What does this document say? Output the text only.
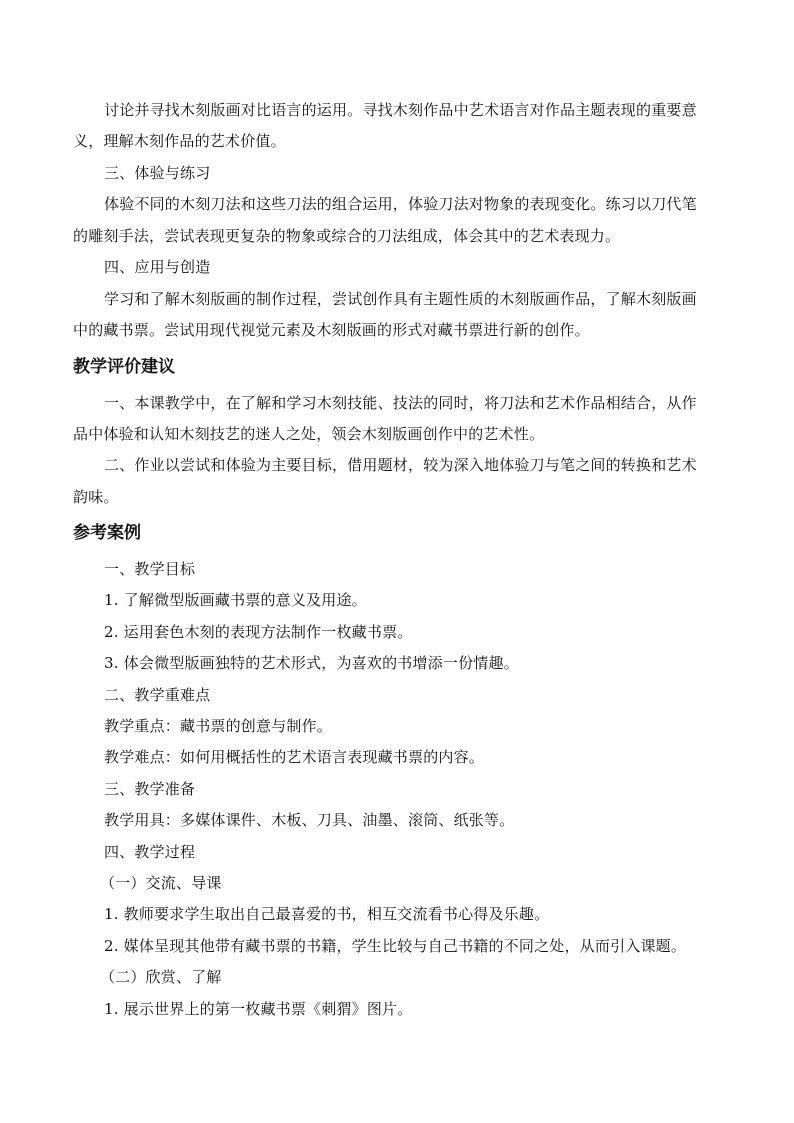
讨论并寻找木刻版画对比语言的运用。寻找木刻作品中艺术语言对作品主题表现的重要意
义，理解木刻作品的艺术价值。
三、体验与练习
体验不同的木刻刀法和这些刀法的组合运用，体验刀法对物象的表现变化。练习以刀代笔
的雕刻手法，尝试表现更复杂的物象或综合的刀法组成，体会其中的艺术表现力。
四、应用与创造
学习和了解木刻版画的制作过程，尝试创作具有主题性质的木刻版画作品，了解木刻版画
中的藏书票。尝试用现代视觉元素及木刻版画的形式对藏书票进行新的创作。
教学评价建议
一、本课教学中，在了解和学习木刻技能、技法的同时，将刀法和艺术作品相结合，从作
品中体验和认知木刻技艺的迷人之处，领会木刻版画创作中的艺术性。
二、作业以尝试和体验为主要目标，借用题材，较为深入地体验刀与笔之间的转换和艺术
韵味。
参考案例
一、教学目标
1. 了解微型版画藏书票的意义及用途。
2. 运用套色木刻的表现方法制作一枚藏书票。
3. 体会微型版画独特的艺术形式，为喜欢的书增添一份情趣。
二、教学重难点
教学重点：藏书票的创意与制作。
教学难点：如何用概括性的艺术语言表现藏书票的内容。
三、教学准备
教学用具：多媒体课件、木板、刀具、油墨、滚筒、纸张等。
四、教学过程
（一）交流、导课
1. 教师要求学生取出自己最喜爱的书，相互交流看书心得及乐趣。
2. 媒体呈现其他带有藏书票的书籍，学生比较与自己书籍的不同之处，从而引入课题。
（二）欣赏、了解
1. 展示世界上的第一枚藏书票《刺猬》图片。
